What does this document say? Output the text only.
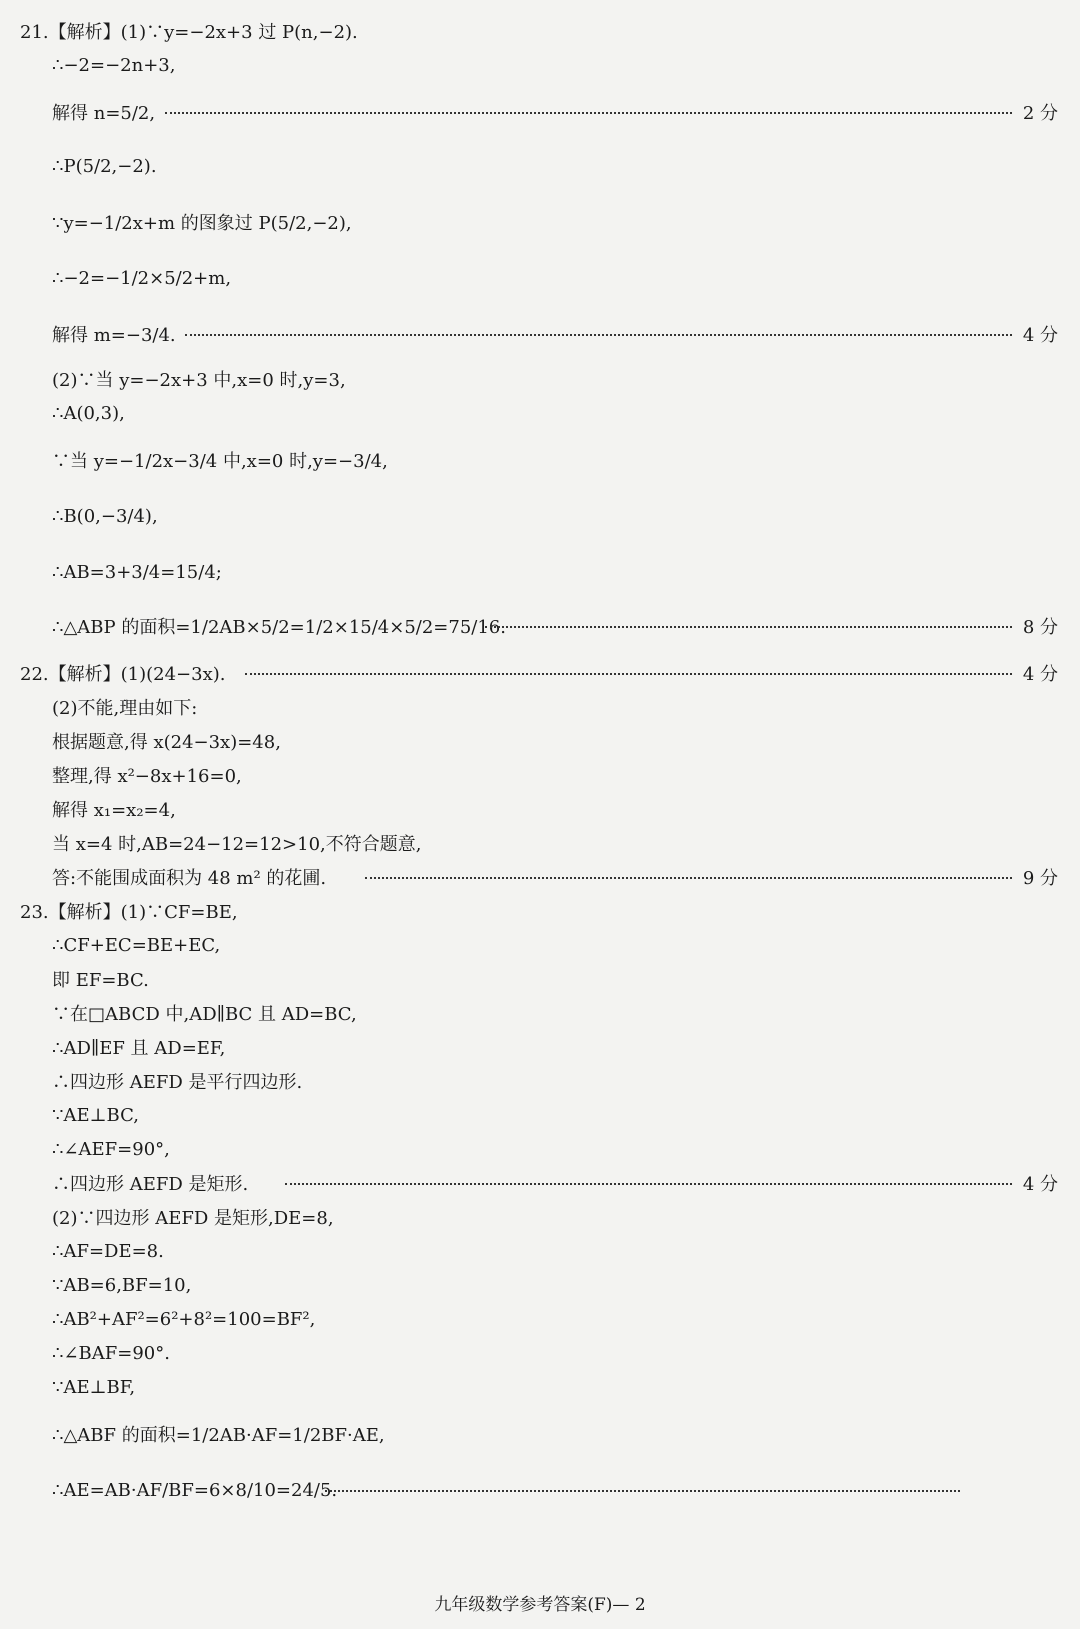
21.【解析】(1)∵y=−2x+3 过 P(n,−2).
∴−2=−2n+3,
解得 n=5/2,	2 分
∴P(5/2,−2).
∵y=−1/2x+m 的图象过 P(5/2,−2),
∴−2=−1/2×5/2+m,
解得 m=−3/4.	4 分
(2)∵当 y=−2x+3 中,x=0 时,y=3,
∴A(0,3),
∵当 y=−1/2x−3/4 中,x=0 时,y=−3/4,
∴B(0,−3/4),
∴AB=3+3/4=15/4;
∴△ABP 的面积=1/2AB×5/2=1/2×15/4×5/2=75/16.	8 分
22.【解析】(1)(24−3x).	4 分
(2)不能,理由如下:
根据题意,得 x(24−3x)=48,
整理,得 x²−8x+16=0,
解得 x₁=x₂=4,
当 x=4 时,AB=24−12=12>10,不符合题意,
答:不能围成面积为 48 m² 的花圃.	9 分
23.【解析】(1)∵CF=BE,
∴CF+EC=BE+EC,
即 EF=BC.
∵在□ABCD 中,AD∥BC 且 AD=BC,
∴AD∥EF 且 AD=EF,
∴四边形 AEFD 是平行四边形.
∵AE⊥BC,
∴∠AEF=90°,
∴四边形 AEFD 是矩形.	4 分
(2)∵四边形 AEFD 是矩形,DE=8,
∴AF=DE=8.
∵AB=6,BF=10,
∴AB²+AF²=6²+8²=100=BF²,
∴∠BAF=90°.
∵AE⊥BF,
∴△ABF 的面积=1/2AB·AF=1/2BF·AE,
∴AE=AB·AF/BF=6×8/10=24/5.
九年级数学参考答案(F)— 2
